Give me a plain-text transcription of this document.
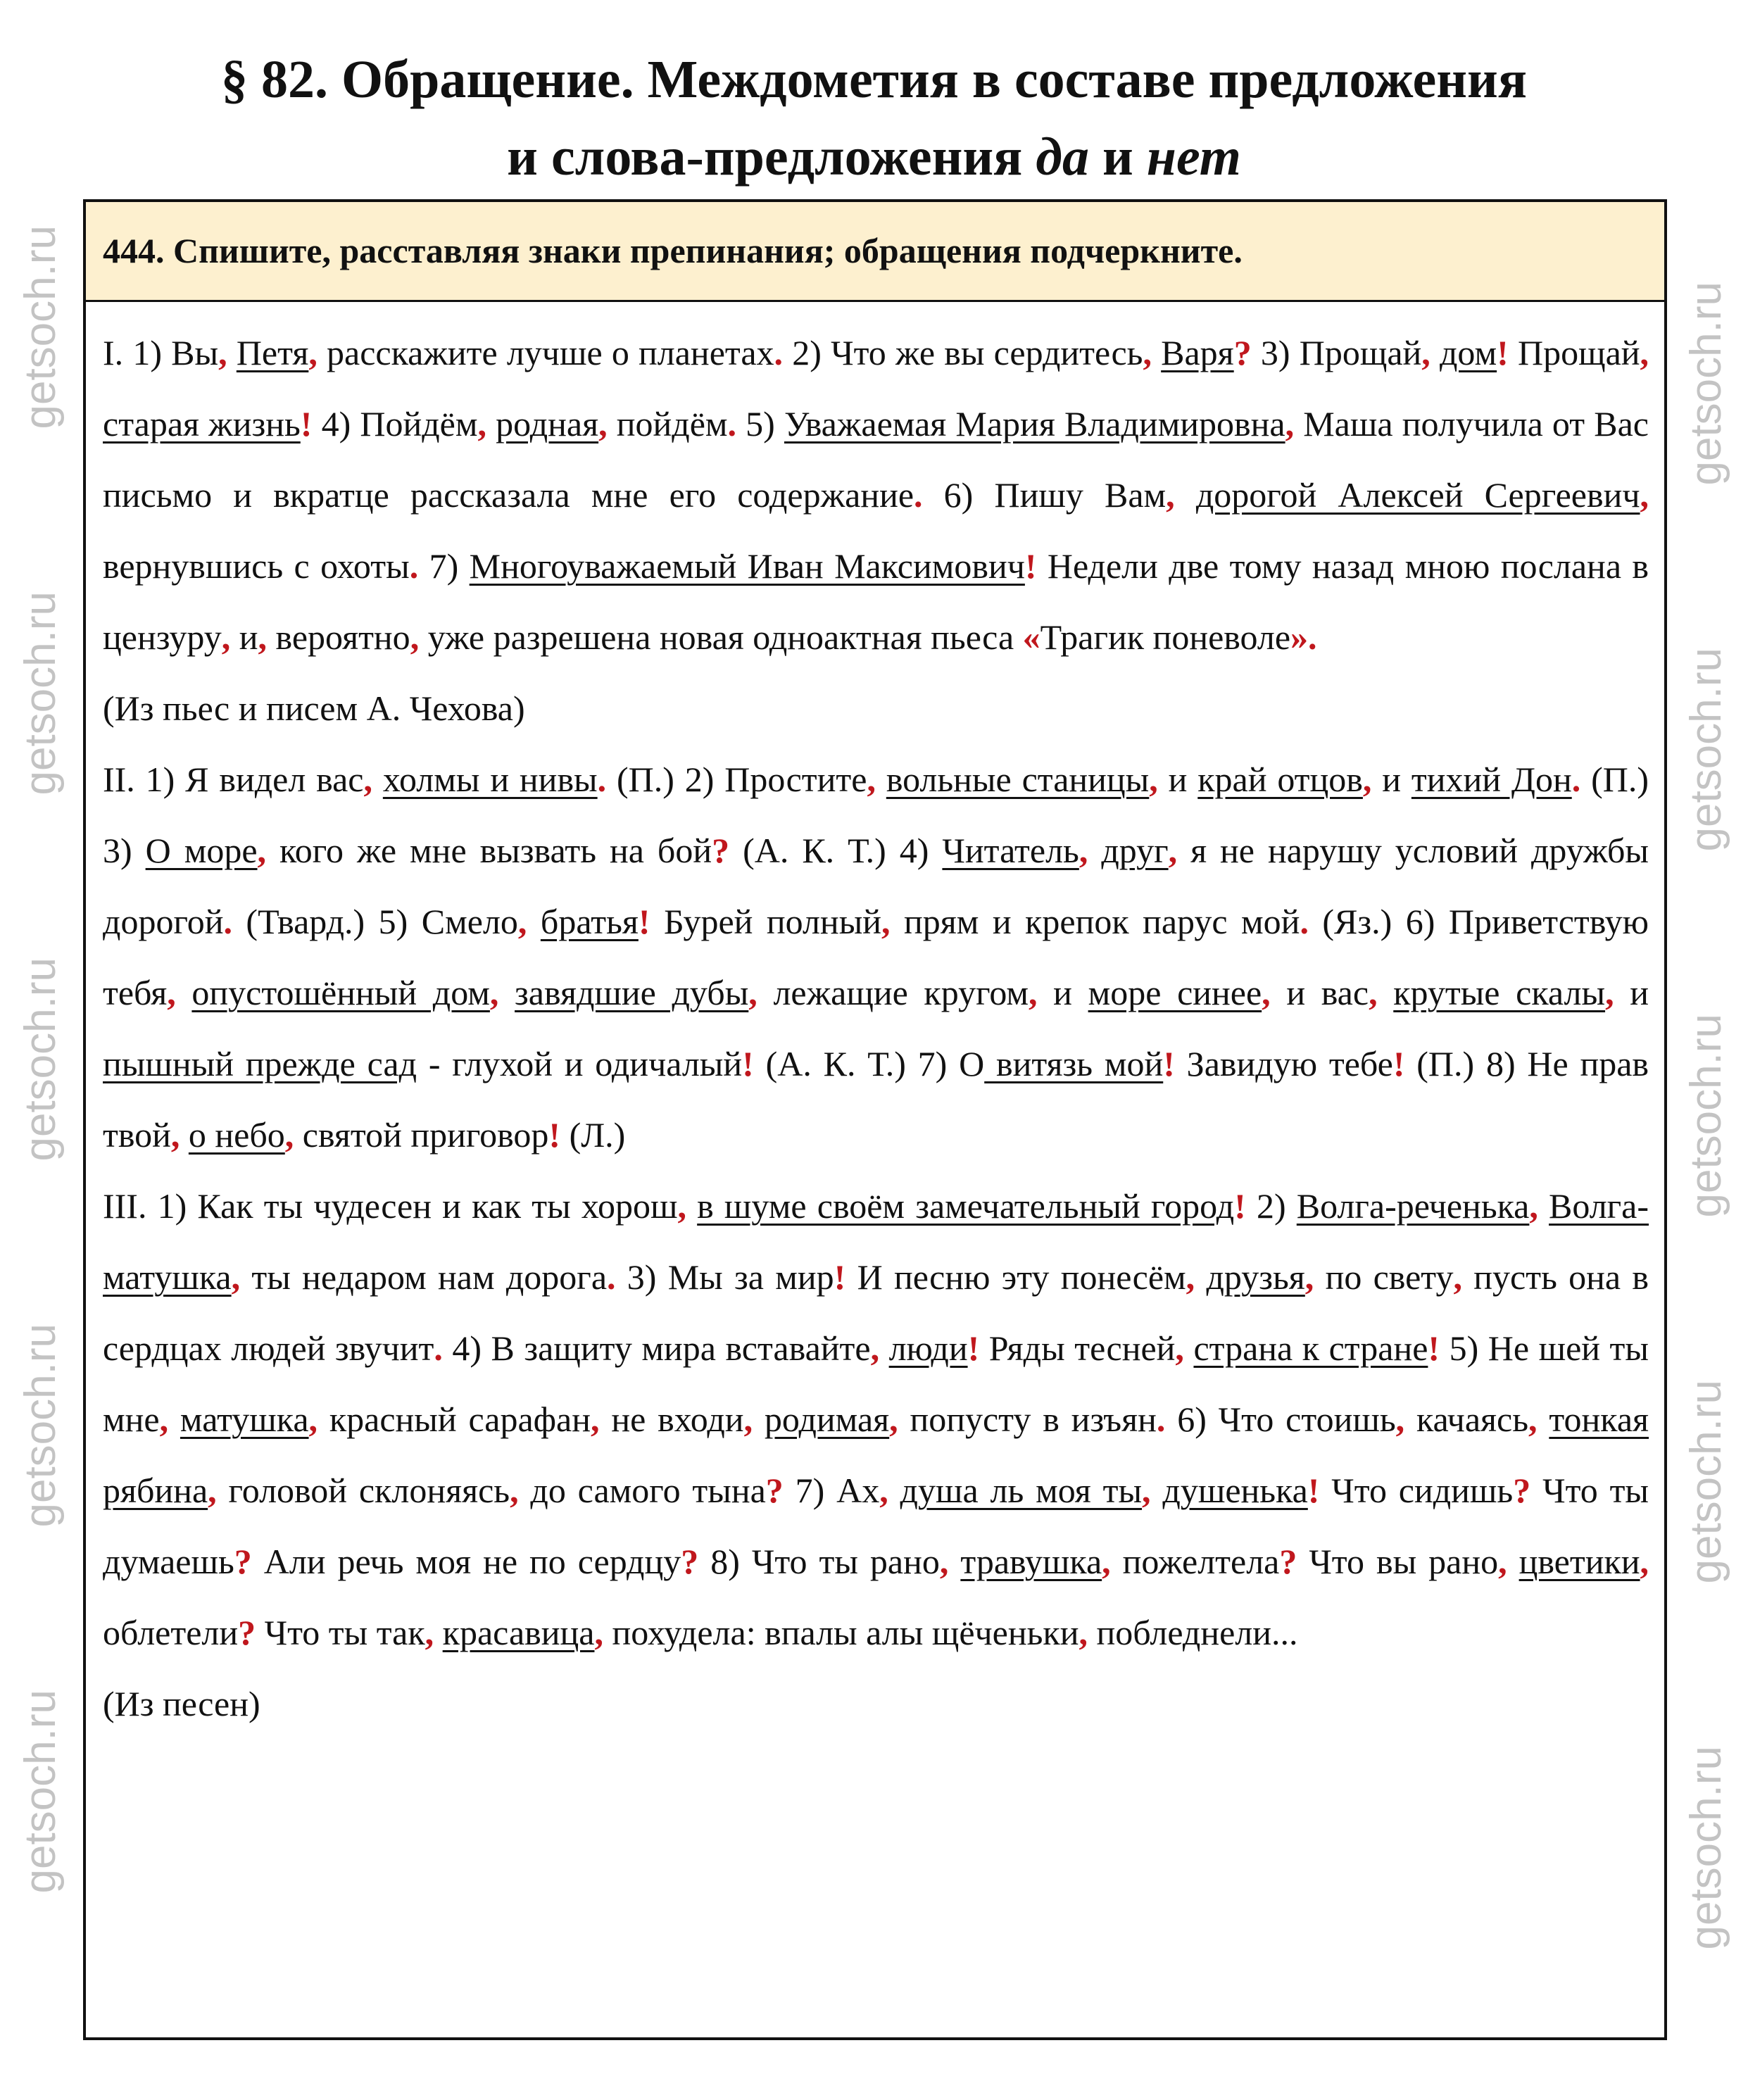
§ 82. Обращение. Междометия в составе предложения
и слова-предложения да и нет
444. Спишите, расставляя знаки препинания; обращения подчеркните.

I. 1) Вы, Петя, расскажите лучше о планетах. 2) Что же вы сердитесь, Варя? 3) Прощай, дом! Прощай, старая жизнь! 4) Пойдём, родная, пойдём. 5) Уважаемая Мария Владимировна, Маша получила от Вас письмо и вкратце рассказала мне его содержание. 6) Пишу Вам, дорогой Алексей Сергеевич, вернувшись с охоты. 7) Многоуважаемый Иван Максимович! Недели две тому назад мною послана в цензуру, и, вероятно, уже разрешена новая одноактная пьеса «Трагик поневоле».

(Из пьес и писем А. Чехова)

II. 1) Я видел вас, холмы и нивы. (П.) 2) Простите, вольные станицы, и край отцов, и тихий Дон. (П.) 3) О море, кого же мне вызвать на бой? (А. К. Т.) 4) Читатель, друг, я не нарушу условий дружбы дорогой. (Твард.) 5) Смело, братья! Бурей полный, прям и крепок парус мой. (Яз.) 6) Приветствую тебя, опустошённый дом, завядшие дубы, лежащие кругом, и море синее, и вас, крутые скалы, и пышный прежде сад - глухой и одичалый! (А. К. Т.) 7) О витязь мой! Завидую тебе! (П.) 8) Не прав твой, о небо, святой приговор! (Л.)

III. 1) Как ты чудесен и как ты хорош, в шуме своём замечательный город! 2) Волга-реченька, Волга-матушка, ты недаром нам дорога. 3) Мы за мир! И песню эту понесём, друзья, по свету, пусть она в сердцах людей звучит. 4) В защиту мира вставайте, люди! Ряды тесней, страна к стране! 5) Не шей ты мне, матушка, красный сарафан, не входи, родимая, попусту в изъян. 6) Что стоишь, качаясь, тонкая рябина, головой склоняясь, до самого тына? 7) Ах, душа ль моя ты, душенька! Что сидишь? Что ты думаешь? Али речь моя не по сердцу? 8) Что ты рано, травушка, пожелтела? Что вы рано, цветики, облетели? Что ты так, красавица, похудела: впалы алы щёченьки, побледнели...

(Из песен)

getsoch.ru
getsoch.ru
getsoch.ru
getsoch.ru
getsoch.ru
getsoch.ru
getsoch.ru
getsoch.ru
getsoch.ru
getsoch.ru
